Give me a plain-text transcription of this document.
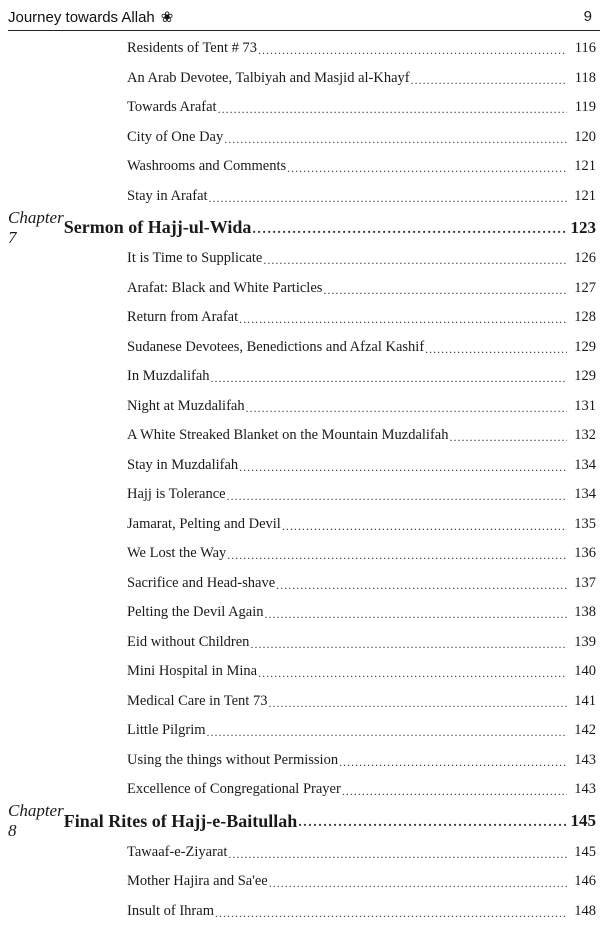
Journey towards Allah ❀	9
Residents of Tent # 73 .....	116
An Arab Devotee, Talbiyah and Masjid al-Khayf .....	118
Towards Arafat .....	119
City of One Day .....	120
Washrooms and Comments .....	121
Stay in Arafat .....	121
Chapter 7	Sermon of Hajj-ul-Wida .....	123
It is Time to Supplicate .....	126
Arafat: Black and White Particles .....	127
Return from Arafat .....	128
Sudanese Devotees, Benedictions and Afzal Kashif .....	129
In Muzdalifah .....	129
Night at Muzdalifah .....	131
A White Streaked Blanket on the Mountain Muzdalifah .....	132
Stay in Muzdalifah .....	134
Hajj is Tolerance .....	134
Jamarat, Pelting and Devil .....	135
We Lost the Way .....	136
Sacrifice and Head-shave .....	137
Pelting the Devil Again .....	138
Eid without Children .....	139
Mini Hospital in Mina .....	140
Medical Care in Tent 73 .....	141
Little Pilgrim .....	142
Using the things without Permission .....	143
Excellence of Congregational Prayer .....	143
Chapter 8	Final Rites of Hajj-e-Baitullah .....	145
Tawaaf-e-Ziyarat .....	145
Mother Hajira and Sa'ee .....	146
Insult of Ihram .....	148
